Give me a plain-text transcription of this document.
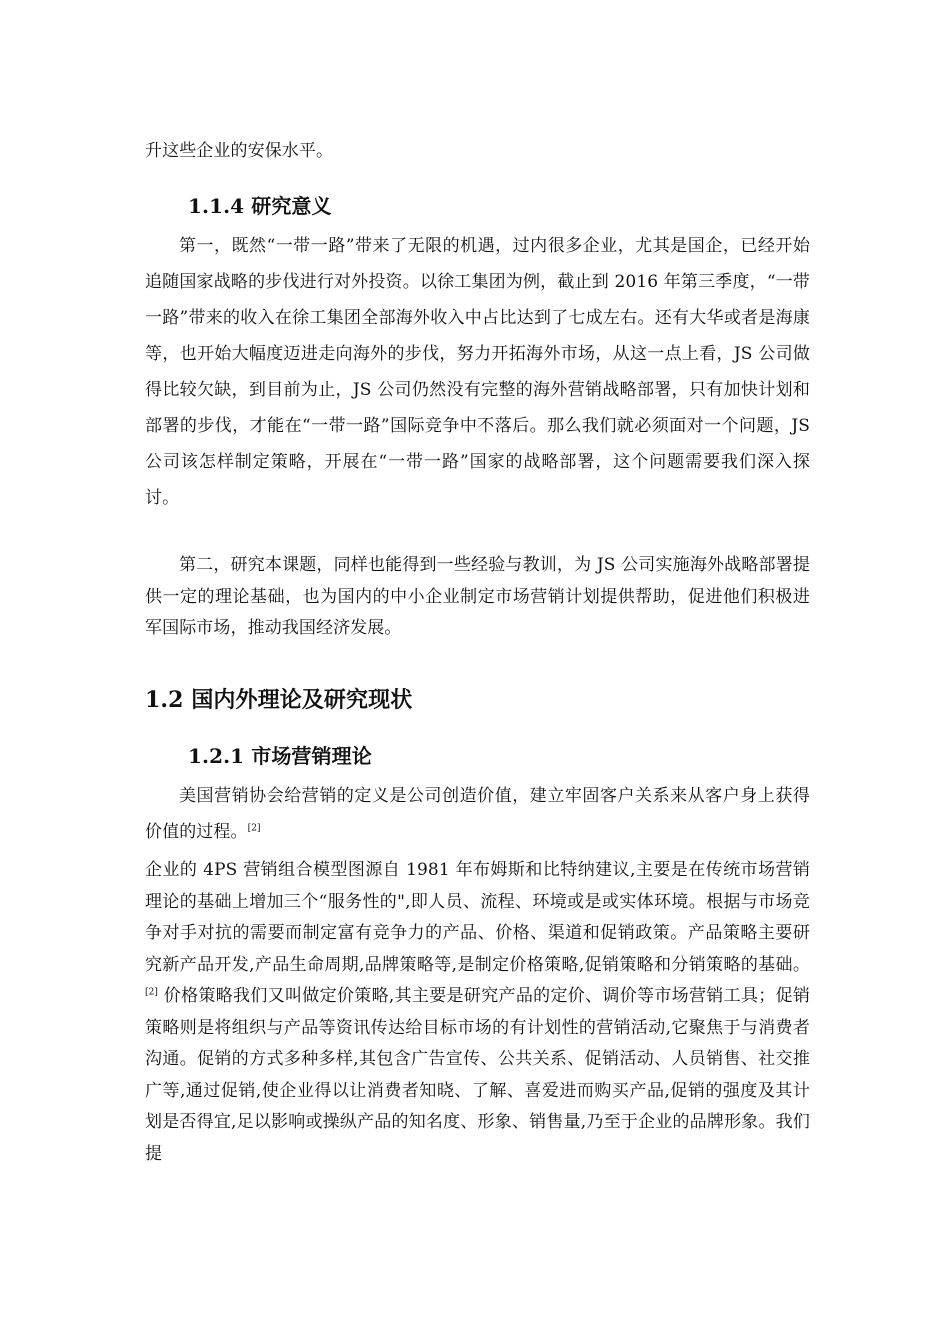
升这些企业的安保水平。

1.1.4 研究意义

第一，既然“一带一路”带来了无限的机遇，过内很多企业，尤其是国企，已经开始追随国家战略的步伐进行对外投资。以徐工集团为例，截止到 2016 年第三季度，“一带一路”带来的收入在徐工集团全部海外收入中占比达到了七成左右。还有大华或者是海康等，也开始大幅度迈进走向海外的步伐，努力开拓海外市场，从这一点上看，JS 公司做得比较欠缺，到目前为止，JS 公司仍然没有完整的海外营销战略部署，只有加快计划和部署的步伐，才能在“一带一路”国际竞争中不落后。那么我们就必须面对一个问题，JS 公司该怎样制定策略，开展在“一带一路”国家的战略部署，这个问题需要我们深入探讨。

第二，研究本课题，同样也能得到一些经验与教训，为 JS 公司实施海外战略部署提供一定的理论基础，也为国内的中小企业制定市场营销计划提供帮助，促进他们积极进军国际市场，推动我国经济发展。

1.2 国内外理论及研究现状
1.2.1 市场营销理论

美国营销协会给营销的定义是公司创造价值，建立牢固客户关系来从客户身上获得价值的过程。[2]

企业的 4PS 营销组合模型图源自 1981 年布姆斯和比特纳建议,主要是在传统市场营销理论的基础上增加三个“服务性的",即人员、流程、环境或是或实体环境。根据与市场竞争对手对抗的需要而制定富有竞争力的产品、价格、渠道和促销政策。产品策略主要研究新产品开发,产品生命周期,品牌策略等,是制定价格策略,促销策略和分销策略的基础。[2] 价格策略我们又叫做定价策略,其主要是研究产品的定价、调价等市场营销工具；促销策略则是将组织与产品等资讯传达给目标市场的有计划性的营销活动,它聚焦于与消费者沟通。促销的方式多种多样,其包含广告宣传、公共关系、促销活动、人员销售、社交推广等,通过促销,使企业得以让消费者知晓、了解、喜爱进而购买产品,促销的强度及其计划是否得宜,足以影响或操纵产品的知名度、形象、销售量,乃至于企业的品牌形象。我们提
